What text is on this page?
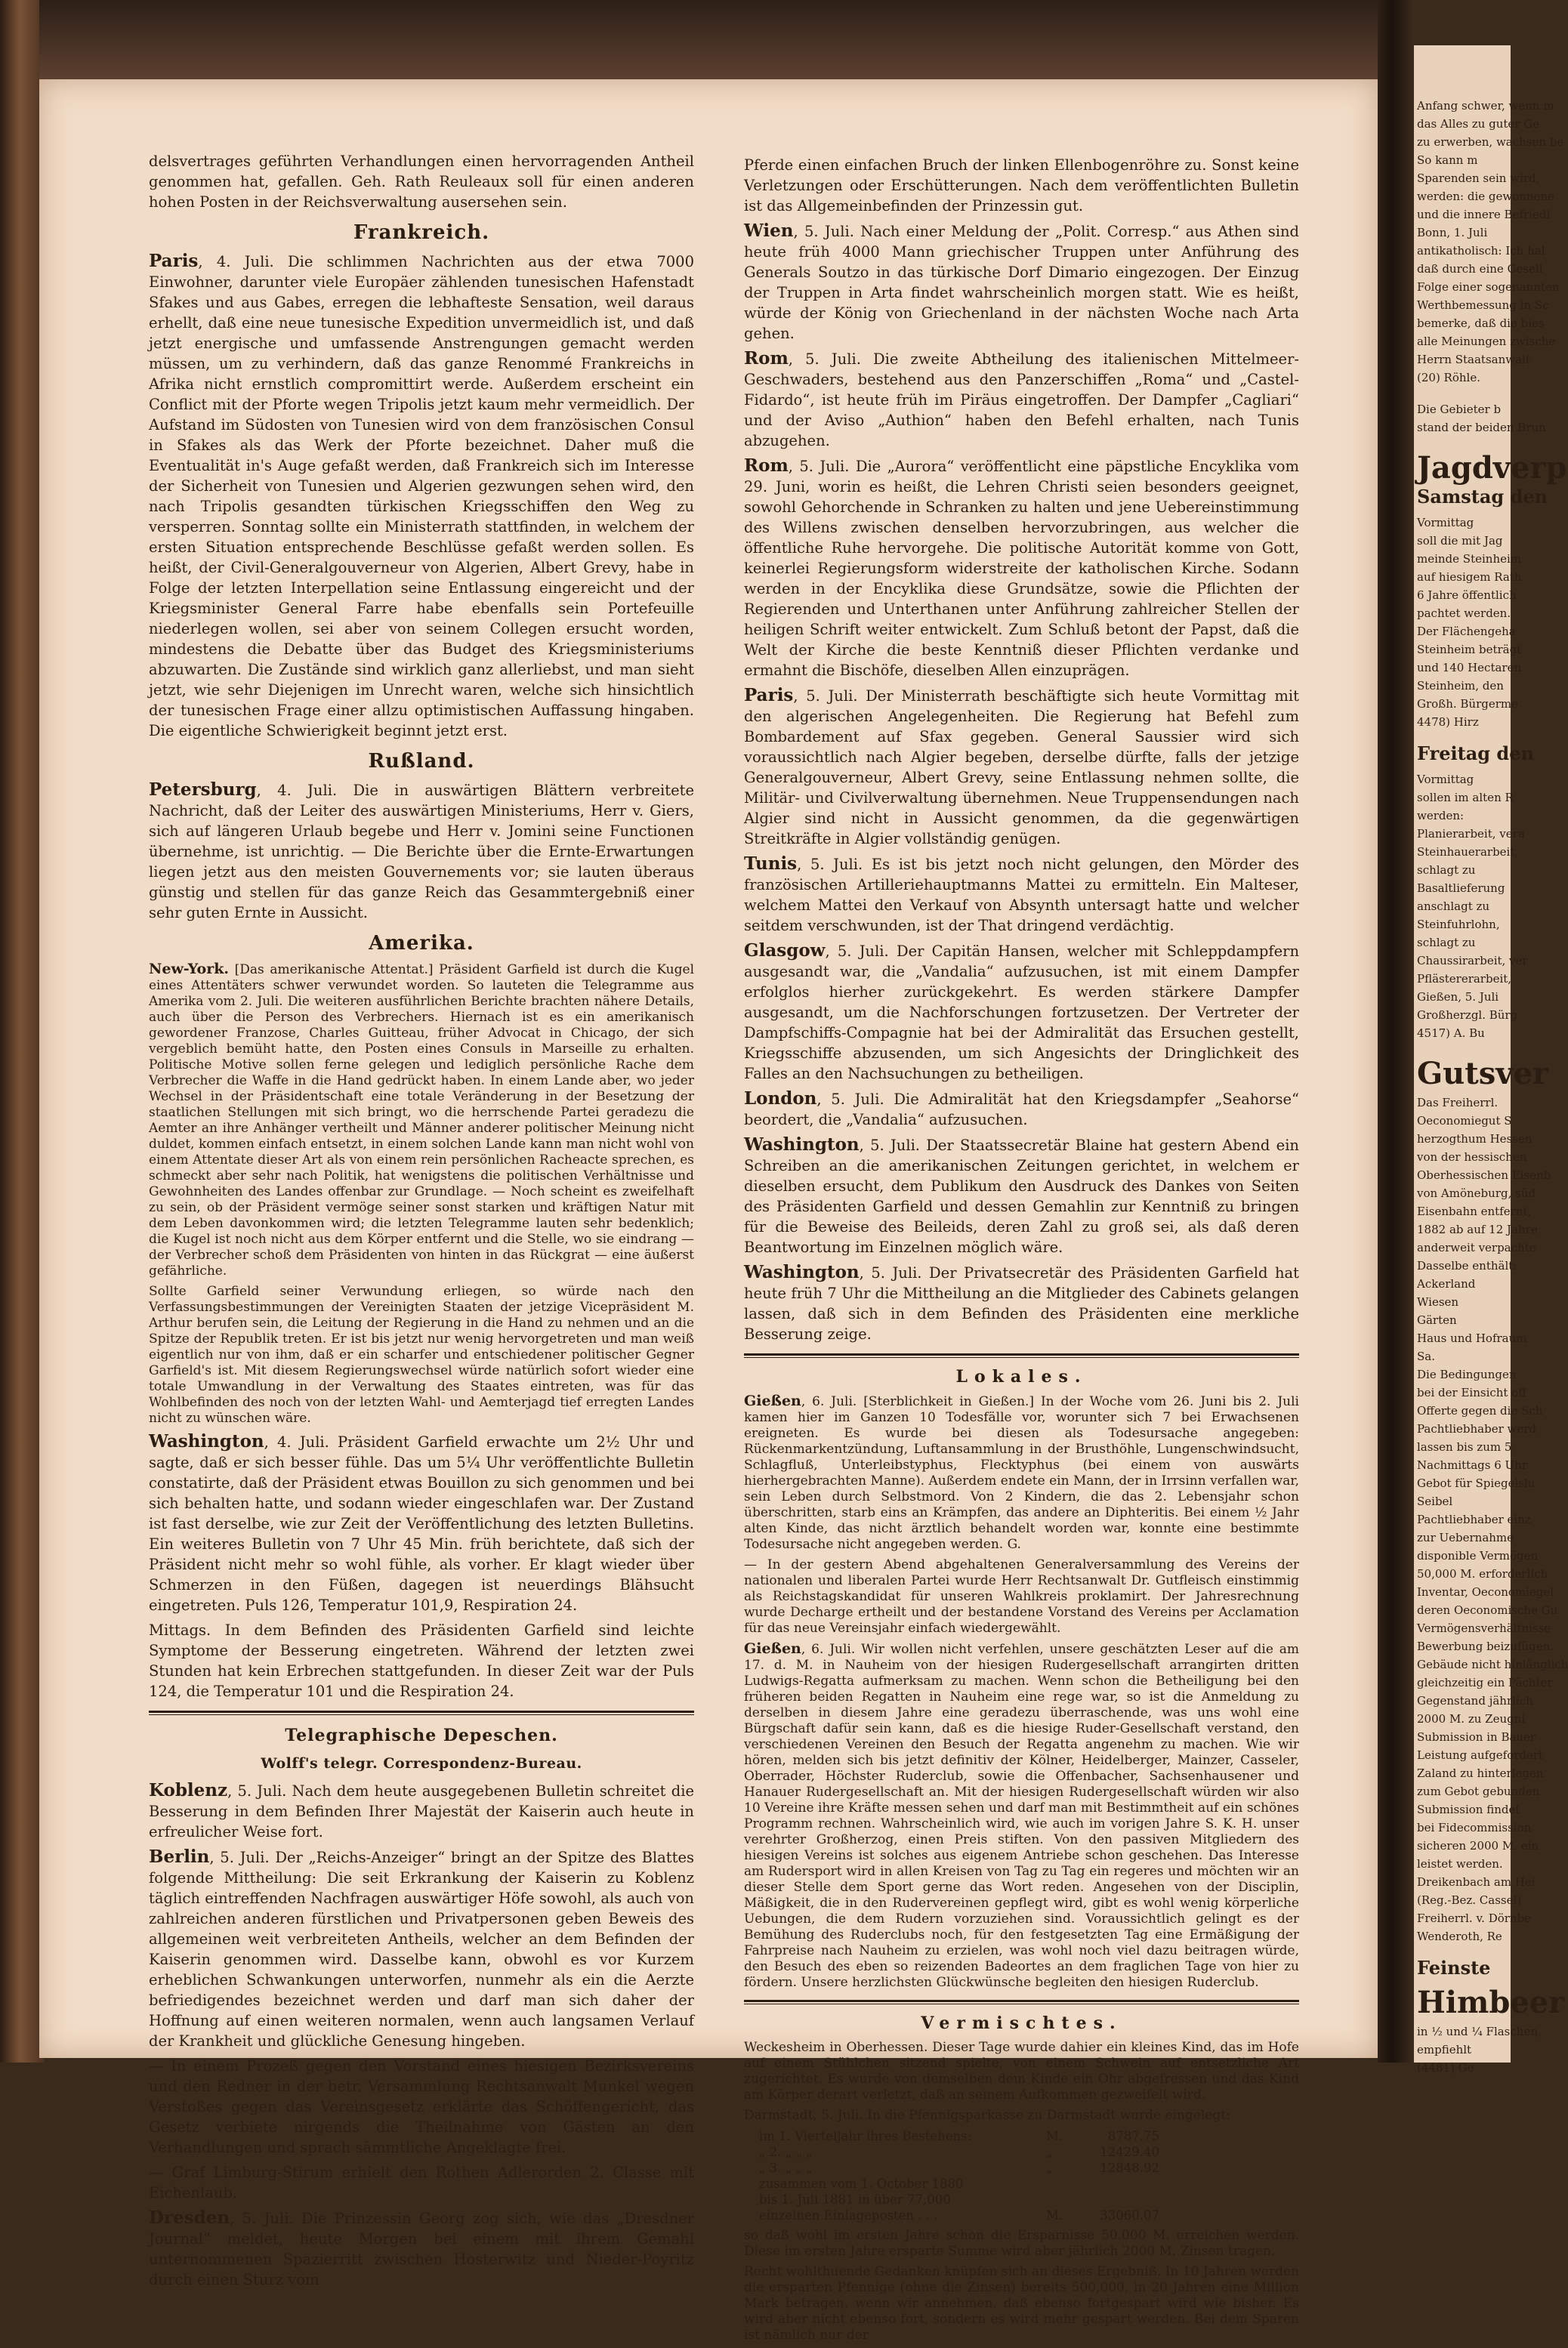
Anfang schwer, wenn m
das Alles zu guter Ge
zu erwerben, wachsen be
So kann m
Sparenden sein wird,
werden: die gewonnene
und die innere Befriedi
Bonn, 1. Juli
antikatholisch: Ich hal
daß durch eine Gesell
Folge einer sogenannten
Werthbemessung in Sc
bemerke, daß die bies
alle Meinungen zwische
Herrn Staatsanwalt
(20) Röhle.
Die Gebieter b
stand der beiden Brun
Jagdverp
Samstag den
Vormittag
soll die mit Jag
meinde Steinheim
auf hiesigem Rath
6 Jahre öffentlich
pachtet werden.
Der Flächengeha
Steinheim beträgt
und 140 Hectaren
Steinheim, den
Großh. Bürgerme
4478) Hirz
Freitag den
Vormittag
sollen im alten R
werden:
Planierarbeit, vera
Steinhauerarbeit,
schlagt zu
Basaltlieferung
anschlagt zu
Steinfuhrlohn,
schlagt zu
Chaussirarbeit, ver
Pflästererarbeit,
Gießen, 5. Juli
Großherzgl. Bürg
4517) A. Bu
Gutsver
Das Freiherrl.
Oeconomiegut S
herzogthum Hessen
von der hessischen
Oberhessischen Eisenb
von Amöneburg, süd
Eisenbahn entfernt,
1882 ab auf 12 Jahre
anderweit verpachte
Dasselbe enthält:
Ackerland
Wiesen
Gärten
Haus und Hofraum
Sa.
Die Bedingungen
bei der Einsicht off
Offerte gegen die Sch
Pachtliebhaber werd
lassen bis zum 5.
Nachmittags 6 Uhr
Gebot für Spiegelslu
Seibel
Pachtliebhaber einz
zur Uebernahme
disponible Vermögen
50,000 M. erforderlich
Inventar, Oeconomiegel
deren Oeconomische Gu
Vermögensverhältnisse
Bewerbung beizufügen.
Gebäude nicht hinlänglich
gleichzeitig ein Pächter
Gegenstand jährlich
2000 M. zu Zeugni
Submission in Bauer
Leistung aufgefordert
Zaland zu hinterlegen
zum Gebot gebunden
Submission findet
bei Fidecommission
sicheren 2000 M. ein
leistet werden.
Dreikenbach am Hei
(Reg.-Bez. Cassel)
Freiherrl. v. Dörnbe
Wenderoth, Re
Feinste
Himbeer
in ½ und ¼ Flaschen,
empfiehlt
(4481) Ge

delsvertrages geführten Verhandlungen einen hervorragenden Antheil genommen hat, gefallen. Geh. Rath Reuleaux soll für einen anderen hohen Posten in der Reichsverwaltung ausersehen sein.

Frankreich.

Paris, 4. Juli. Die schlimmen Nachrichten aus der etwa 7000 Einwohner, darunter viele Europäer zählenden tunesischen Hafenstadt Sfakes und aus Gabes, erregen die lebhafteste Sensation, weil daraus erhellt, daß eine neue tunesische Expedition unvermeidlich ist, und daß jetzt energische und umfassende Anstrengungen gemacht werden müssen, um zu verhindern, daß das ganze Renommé Frankreichs in Afrika nicht ernstlich compromittirt werde. Außerdem erscheint ein Conflict mit der Pforte wegen Tripolis jetzt kaum mehr vermeidlich. Der Aufstand im Südosten von Tunesien wird von dem französischen Consul in Sfakes als das Werk der Pforte bezeichnet. Daher muß die Eventualität in's Auge gefaßt werden, daß Frankreich sich im Interesse der Sicherheit von Tunesien und Algerien gezwungen sehen wird, den nach Tripolis gesandten türkischen Kriegsschiffen den Weg zu versperren. Sonntag sollte ein Ministerrath stattfinden, in welchem der ersten Situation entsprechende Beschlüsse gefaßt werden sollen. Es heißt, der Civil-Generalgouverneur von Algerien, Albert Grevy, habe in Folge der letzten Interpellation seine Entlassung eingereicht und der Kriegsminister General Farre habe ebenfalls sein Portefeuille niederlegen wollen, sei aber von seinem Collegen ersucht worden, mindestens die Debatte über das Budget des Kriegsministeriums abzuwarten. Die Zustände sind wirklich ganz allerliebst, und man sieht jetzt, wie sehr Diejenigen im Unrecht waren, welche sich hinsichtlich der tunesischen Frage einer allzu optimistischen Auffassung hingaben. Die eigentliche Schwierigkeit beginnt jetzt erst.

Rußland.

Petersburg, 4. Juli. Die in auswärtigen Blättern verbreitete Nachricht, daß der Leiter des auswärtigen Ministeriums, Herr v. Giers, sich auf längeren Urlaub begebe und Herr v. Jomini seine Functionen übernehme, ist unrichtig. — Die Berichte über die Ernte-Erwartungen liegen jetzt aus den meisten Gouvernements vor; sie lauten überaus günstig und stellen für das ganze Reich das Gesammtergebniß einer sehr guten Ernte in Aussicht.

Amerika.

New-York. [Das amerikanische Attentat.] Präsident Garfield ist durch die Kugel eines Attentäters schwer verwundet worden. So lauteten die Telegramme aus Amerika vom 2. Juli. Die weiteren ausführlichen Berichte brachten nähere Details, auch über die Person des Verbrechers. Hiernach ist es ein amerikanisch gewordener Franzose, Charles Guitteau, früher Advocat in Chicago, der sich vergeblich bemüht hatte, den Posten eines Consuls in Marseille zu erhalten. Politische Motive sollen ferne gelegen und lediglich persönliche Rache dem Verbrecher die Waffe in die Hand gedrückt haben. In einem Lande aber, wo jeder Wechsel in der Präsidentschaft eine totale Veränderung in der Besetzung der staatlichen Stellungen mit sich bringt, wo die herrschende Partei geradezu die Aemter an ihre Anhänger vertheilt und Männer anderer politischer Meinung nicht duldet, kommen einfach entsetzt, in einem solchen Lande kann man nicht wohl von einem Attentate dieser Art als von einem rein persönlichen Racheacte sprechen, es schmeckt aber sehr nach Politik, hat wenigstens die politischen Verhältnisse und Gewohnheiten des Landes offenbar zur Grundlage. — Noch scheint es zweifelhaft zu sein, ob der Präsident vermöge seiner sonst starken und kräftigen Natur mit dem Leben davonkommen wird; die letzten Telegramme lauten sehr bedenklich; die Kugel ist noch nicht aus dem Körper entfernt und die Stelle, wo sie eindrang — der Verbrecher schoß dem Präsidenten von hinten in das Rückgrat — eine äußerst gefährliche.

Sollte Garfield seiner Verwundung erliegen, so würde nach den Verfassungsbestimmungen der Vereinigten Staaten der jetzige Vicepräsident M. Arthur berufen sein, die Leitung der Regierung in die Hand zu nehmen und an die Spitze der Republik treten. Er ist bis jetzt nur wenig hervorgetreten und man weiß eigentlich nur von ihm, daß er ein scharfer und entschiedener politischer Gegner Garfield's ist. Mit diesem Regierungswechsel würde natürlich sofort wieder eine totale Umwandlung in der Verwaltung des Staates eintreten, was für das Wohlbefinden des noch von der letzten Wahl- und Aemterjagd tief erregten Landes nicht zu wünschen wäre.

Washington, 4. Juli. Präsident Garfield erwachte um 2½ Uhr und sagte, daß er sich besser fühle. Das um 5¼ Uhr veröffentlichte Bulletin constatirte, daß der Präsident etwas Bouillon zu sich genommen und bei sich behalten hatte, und sodann wieder eingeschlafen war. Der Zustand ist fast derselbe, wie zur Zeit der Veröffentlichung des letzten Bulletins. Ein weiteres Bulletin von 7 Uhr 45 Min. früh berichtete, daß sich der Präsident nicht mehr so wohl fühle, als vorher. Er klagt wieder über Schmerzen in den Füßen, dagegen ist neuerdings Blähsucht eingetreten. Puls 126, Temperatur 101,9, Respiration 24.

Mittags. In dem Befinden des Präsidenten Garfield sind leichte Symptome der Besserung eingetreten. Während der letzten zwei Stunden hat kein Erbrechen stattgefunden. In dieser Zeit war der Puls 124, die Temperatur 101 und die Respiration 24.

Telegraphische Depeschen.
Wolff's telegr. Correspondenz-Bureau.

Koblenz, 5. Juli. Nach dem heute ausgegebenen Bulletin schreitet die Besserung in dem Befinden Ihrer Majestät der Kaiserin auch heute in erfreulicher Weise fort.

Berlin, 5. Juli. Der „Reichs-Anzeiger“ bringt an der Spitze des Blattes folgende Mittheilung: Die seit Erkrankung der Kaiserin zu Koblenz täglich eintreffenden Nachfragen auswärtiger Höfe sowohl, als auch von zahlreichen anderen fürstlichen und Privatpersonen geben Beweis des allgemeinen weit verbreiteten Antheils, welcher an dem Befinden der Kaiserin genommen wird. Dasselbe kann, obwohl es vor Kurzem erheblichen Schwankungen unterworfen, nunmehr als ein die Aerzte befriedigendes bezeichnet werden und darf man sich daher der Hoffnung auf einen weiteren normalen, wenn auch langsamen Verlauf der Krankheit und glückliche Genesung hingeben.

— In einem Prozeß gegen den Vorstand eines hiesigen Bezirksvereins und den Redner in der betr. Versammlung Rechtsanwalt Munkel wegen Verstoßes gegen das Vereinsgesetz erklärte das Schöffengericht, das Gesetz verbiete nirgends die Theilnahme von Gästen an den Verhandlungen und sprach sämmtliche Angeklagte frei.

— Graf Limburg-Stirum erhielt den Rothen Adlerorden 2. Classe mit Eichenlaub.

Dresden, 5. Juli. Die Prinzessin Georg zog sich, wie das „Dresdner Journal“ meldet, heute Morgen bei einem mit ihrem Gemahl unternommenen Spazierritt zwischen Hosterwitz und Nieder-Poyritz durch einen Sturz vom

Pferde einen einfachen Bruch der linken Ellenbogenröhre zu. Sonst keine Verletzungen oder Erschütterungen. Nach dem veröffentlichten Bulletin ist das Allgemeinbefinden der Prinzessin gut.

Wien, 5. Juli. Nach einer Meldung der „Polit. Corresp.“ aus Athen sind heute früh 4000 Mann griechischer Truppen unter Anführung des Generals Soutzo in das türkische Dorf Dimario eingezogen. Der Einzug der Truppen in Arta findet wahrscheinlich morgen statt. Wie es heißt, würde der König von Griechenland in der nächsten Woche nach Arta gehen.

Rom, 5. Juli. Die zweite Abtheilung des italienischen Mittelmeer-Geschwaders, bestehend aus den Panzerschiffen „Roma“ und „Castel-Fidardo“, ist heute früh im Piräus eingetroffen. Der Dampfer „Cagliari“ und der Aviso „Authion“ haben den Befehl erhalten, nach Tunis abzugehen.

Rom, 5. Juli. Die „Aurora“ veröffentlicht eine päpstliche Encyklika vom 29. Juni, worin es heißt, die Lehren Christi seien besonders geeignet, sowohl Gehorchende in Schranken zu halten und jene Uebereinstimmung des Willens zwischen denselben hervorzubringen, aus welcher die öffentliche Ruhe hervorgehe. Die politische Autorität komme von Gott, keinerlei Regierungsform widerstreite der katholischen Kirche. Sodann werden in der Encyklika diese Grundsätze, sowie die Pflichten der Regierenden und Unterthanen unter Anführung zahlreicher Stellen der heiligen Schrift weiter entwickelt. Zum Schluß betont der Papst, daß die Welt der Kirche die beste Kenntniß dieser Pflichten verdanke und ermahnt die Bischöfe, dieselben Allen einzuprägen.

Paris, 5. Juli. Der Ministerrath beschäftigte sich heute Vormittag mit den algerischen Angelegenheiten. Die Regierung hat Befehl zum Bombardement auf Sfax gegeben. General Saussier wird sich voraussichtlich nach Algier begeben, derselbe dürfte, falls der jetzige Generalgouverneur, Albert Grevy, seine Entlassung nehmen sollte, die Militär- und Civilverwaltung übernehmen. Neue Truppensendungen nach Algier sind nicht in Aussicht genommen, da die gegenwärtigen Streitkräfte in Algier vollständig genügen.

Tunis, 5. Juli. Es ist bis jetzt noch nicht gelungen, den Mörder des französischen Artilleriehauptmanns Mattei zu ermitteln. Ein Malteser, welchem Mattei den Verkauf von Absynth untersagt hatte und welcher seitdem verschwunden, ist der That dringend verdächtig.

Glasgow, 5. Juli. Der Capitän Hansen, welcher mit Schleppdampfern ausgesandt war, die „Vandalia“ aufzusuchen, ist mit einem Dampfer erfolglos hierher zurückgekehrt. Es werden stärkere Dampfer ausgesandt, um die Nachforschungen fortzusetzen. Der Vertreter der Dampfschiffs-Compagnie hat bei der Admiralität das Ersuchen gestellt, Kriegsschiffe abzusenden, um sich Angesichts der Dringlichkeit des Falles an den Nachsuchungen zu betheiligen.

London, 5. Juli. Die Admiralität hat den Kriegsdampfer „Seahorse“ beordert, die „Vandalia“ aufzusuchen.

Washington, 5. Juli. Der Staatssecretär Blaine hat gestern Abend ein Schreiben an die amerikanischen Zeitungen gerichtet, in welchem er dieselben ersucht, dem Publikum den Ausdruck des Dankes von Seiten des Präsidenten Garfield und dessen Gemahlin zur Kenntniß zu bringen für die Beweise des Beileids, deren Zahl zu groß sei, als daß deren Beantwortung im Einzelnen möglich wäre.

Washington, 5. Juli. Der Privatsecretär des Präsidenten Garfield hat heute früh 7 Uhr die Mittheilung an die Mitglieder des Cabinets gelangen lassen, daß sich in dem Befinden des Präsidenten eine merkliche Besserung zeige.

Lokales.

Gießen, 6. Juli. [Sterblichkeit in Gießen.] In der Woche vom 26. Juni bis 2. Juli kamen hier im Ganzen 10 Todesfälle vor, worunter sich 7 bei Erwachsenen ereigneten. Es wurde bei diesen als Todesursache angegeben: Rückenmarkentzündung, Luftansammlung in der Brusthöhle, Lungenschwindsucht, Schlagfluß, Unterleibstyphus, Flecktyphus (bei einem von auswärts hierhergebrachten Manne). Außerdem endete ein Mann, der in Irrsinn verfallen war, sein Leben durch Selbstmord. Von 2 Kindern, die das 2. Lebensjahr schon überschritten, starb eins an Krämpfen, das andere an Diphteritis. Bei einem ½ Jahr alten Kinde, das nicht ärztlich behandelt worden war, konnte eine bestimmte Todesursache nicht angegeben werden. G.

— In der gestern Abend abgehaltenen Generalversammlung des Vereins der nationalen und liberalen Partei wurde Herr Rechtsanwalt Dr. Gutfleisch einstimmig als Reichstagskandidat für unseren Wahlkreis proklamirt. Der Jahresrechnung wurde Decharge ertheilt und der bestandene Vorstand des Vereins per Acclamation für das neue Vereinsjahr einfach wiedergewählt.

Gießen, 6. Juli. Wir wollen nicht verfehlen, unsere geschätzten Leser auf die am 17. d. M. in Nauheim von der hiesigen Rudergesellschaft arrangirten dritten Ludwigs-Regatta aufmerksam zu machen. Wenn schon die Betheiligung bei den früheren beiden Regatten in Nauheim eine rege war, so ist die Anmeldung zu derselben in diesem Jahre eine geradezu überraschende, was uns wohl eine Bürgschaft dafür sein kann, daß es die hiesige Ruder-Gesellschaft verstand, den verschiedenen Vereinen den Besuch der Regatta angenehm zu machen. Wie wir hören, melden sich bis jetzt definitiv der Kölner, Heidelberger, Mainzer, Casseler, Oberrader, Höchster Ruderclub, sowie die Offenbacher, Sachsenhausener und Hanauer Rudergesellschaft an. Mit der hiesigen Rudergesellschaft würden wir also 10 Vereine ihre Kräfte messen sehen und darf man mit Bestimmtheit auf ein schönes Programm rechnen. Wahrscheinlich wird, wie auch im vorigen Jahre S. K. H. unser verehrter Großherzog, einen Preis stiften. Von den passiven Mitgliedern des hiesigen Vereins ist solches aus eigenem Antriebe schon geschehen. Das Interesse am Rudersport wird in allen Kreisen von Tag zu Tag ein regeres und möchten wir an dieser Stelle dem Sport gerne das Wort reden. Angesehen von der Disciplin, Mäßigkeit, die in den Rudervereinen gepflegt wird, gibt es wohl wenig körperliche Uebungen, die dem Rudern vorzuziehen sind. Voraussichtlich gelingt es der Bemühung des Ruderclubs noch, für den festgesetzten Tag eine Ermäßigung der Fahrpreise nach Nauheim zu erzielen, was wohl noch viel dazu beitragen würde, den Besuch des eben so reizenden Badeortes an dem fraglichen Tage von hier zu fördern. Unsere herzlichsten Glückwünsche begleiten den hiesigen Ruderclub.

Vermischtes.

Weckesheim in Oberhessen. Dieser Tage wurde dahier ein kleines Kind, das im Hofe auf einem Stühlchen sitzend spielte, von einem Schwein auf entsetzliche Art zugerichtet. Es wurde von demselben dem Kinde ein Ohr abgefressen und das Kind am Körper derart verletzt, daß an seinem Aufkommen gezweifelt wird.

Darmstadt, 5. Juli. In die Pfennigsparkasse zu Darmstadt wurde eingelegt:

im 1. Vierteljahr ihres Bestehens:	M.	8787.75
„ 2. „ „ „	„	12429.40
„ 3. „ „ „	„	12848.92
zusammen vom 1. October 1880
bis 1. Juli 1881 in über 77,000
einzelnen Einlageposten . . .	M.	33060.07

so daß wohl im ersten Jahre schon die Ersparnisse 50.000 M. erreichen werden. Diese im ersten Jahre ersparte Summe wird aber jährlich 2000 M. Zinsen tragen.

Recht wohlthuende Gedanken knüpfen sich an dieses Ergebniß. In 10 Jahren werden die ersparten Pfennige (ohne die Zinsen) bereits 500,000, in 20 Jahren eine Million Mark betragen, wenn wir annehmen, daß ebenso fortgespart wird wie bisher. Es wird aber nicht ebenso fort, sondern es wird mehr gespart werden. Bei dem Sparen ist nämlich nur der
